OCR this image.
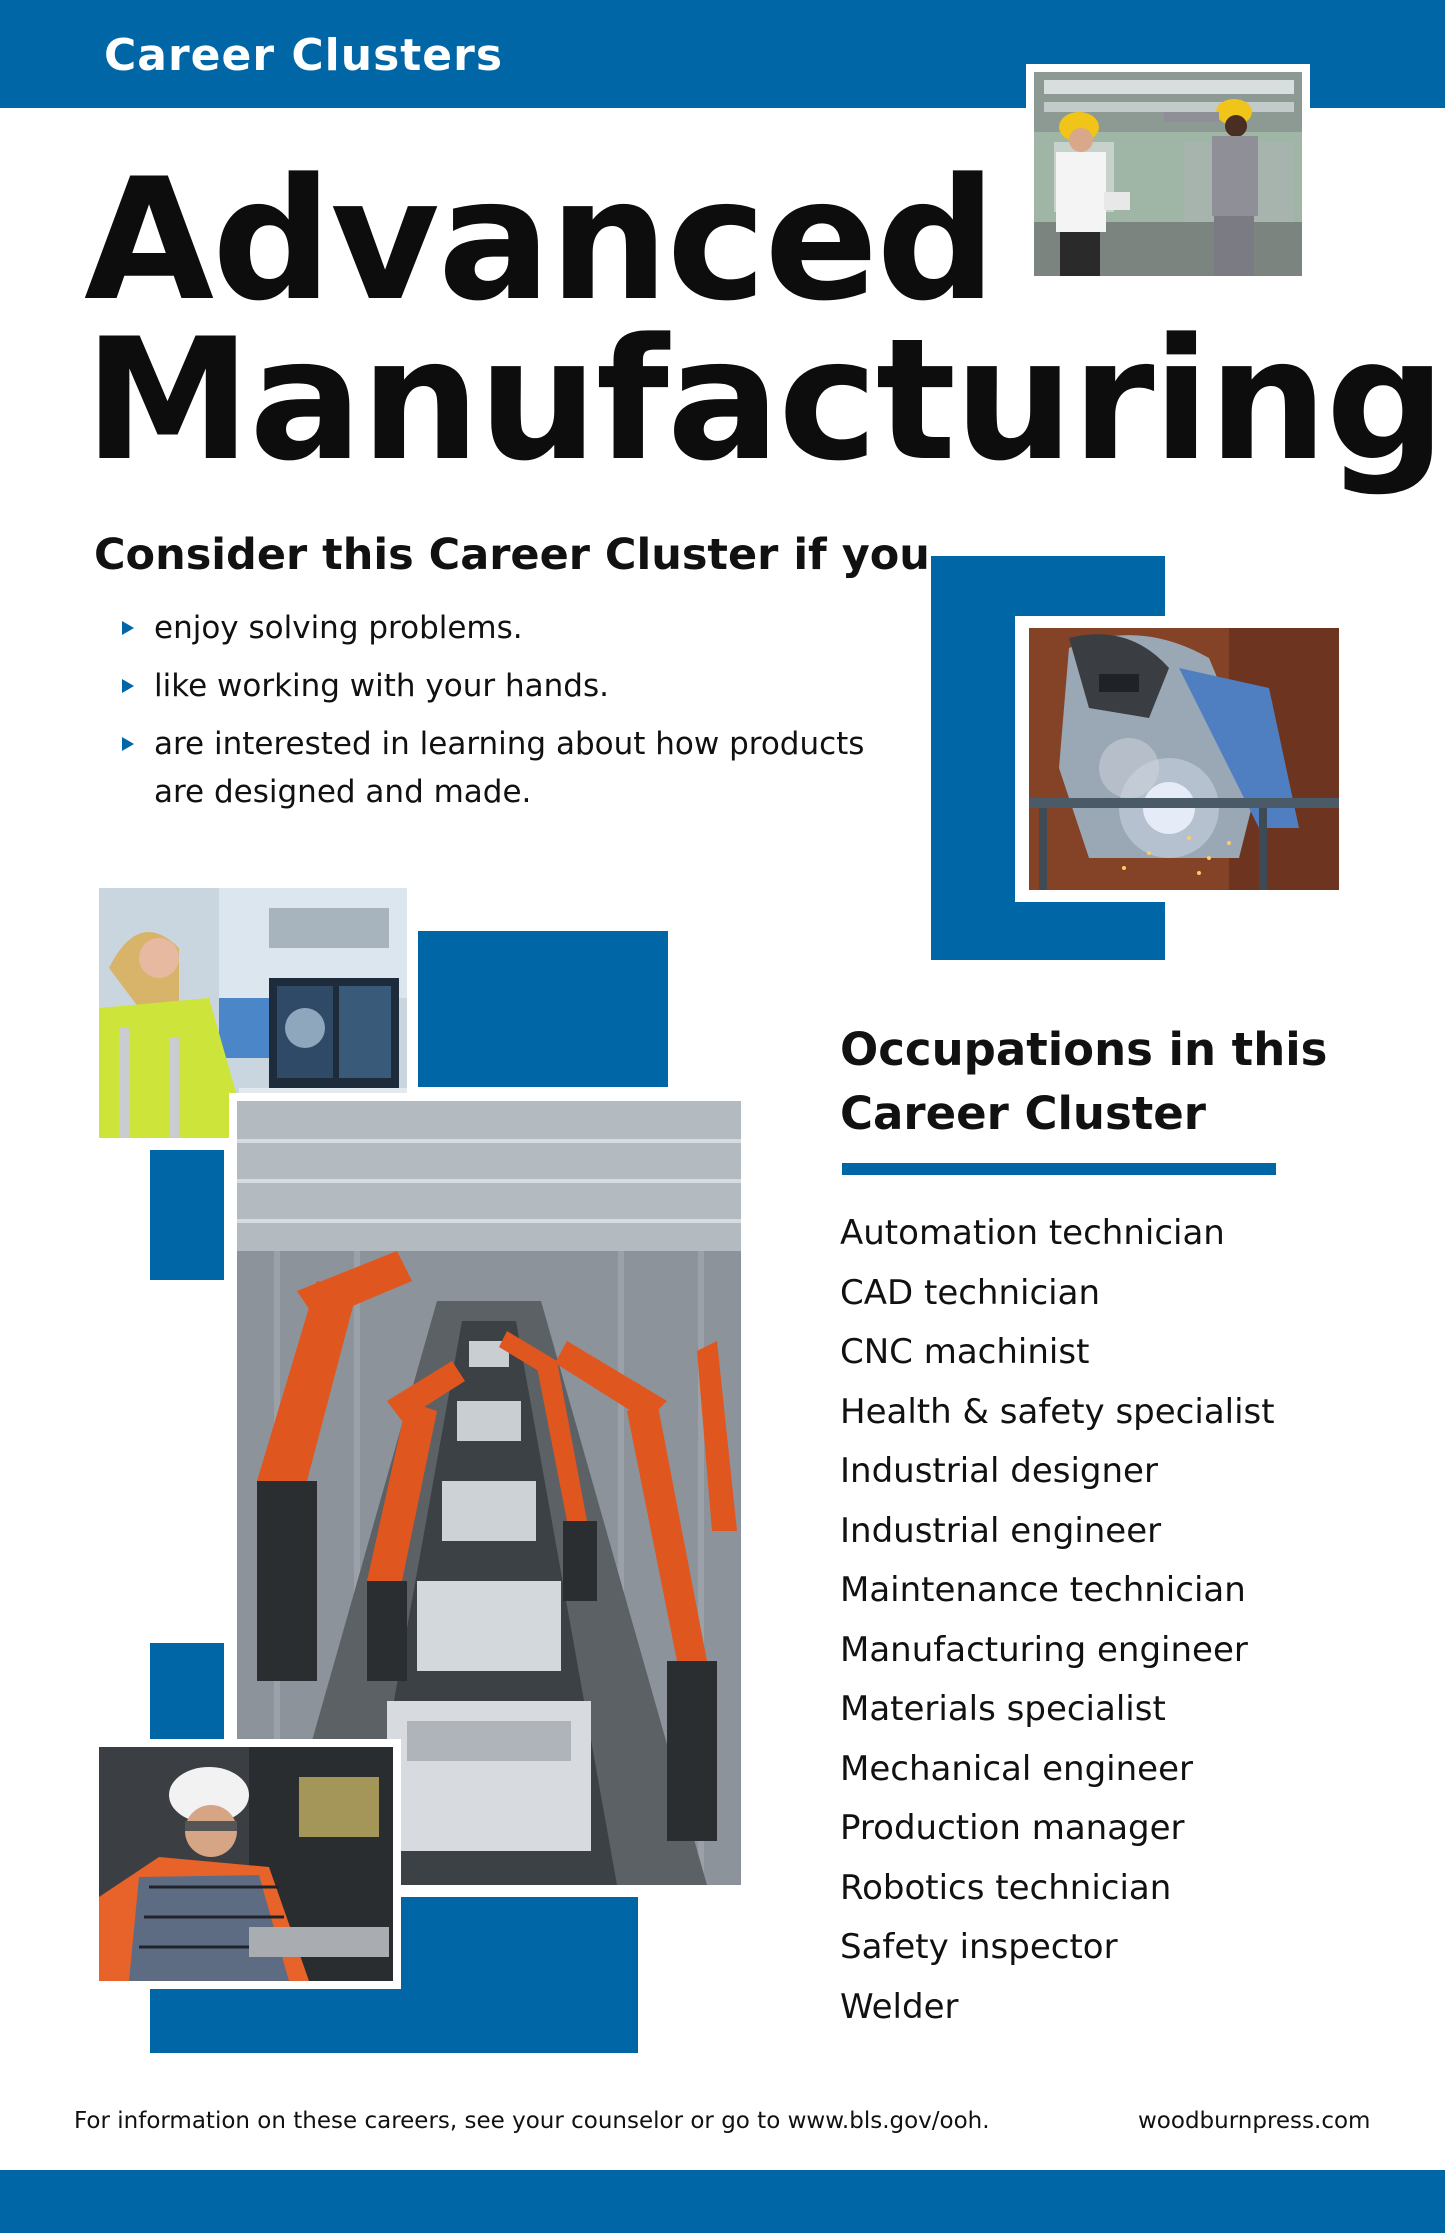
Career Clusters
Advanced
Manufacturing
Consider this Career Cluster if you
enjoy solving problems.
like working with your hands.
are interested in learning about how products are designed and made.
Occupations in this
Career Cluster
Automation technician
CAD technician
CNC machinist
Health & safety specialist
Industrial designer
Industrial engineer
Maintenance technician
Manufacturing engineer
Materials specialist
Mechanical engineer
Production manager
Robotics technician
Safety inspector
Welder
For information on these careers, see your counselor or go to www.bls.gov/ooh.	woodburnpress.com
